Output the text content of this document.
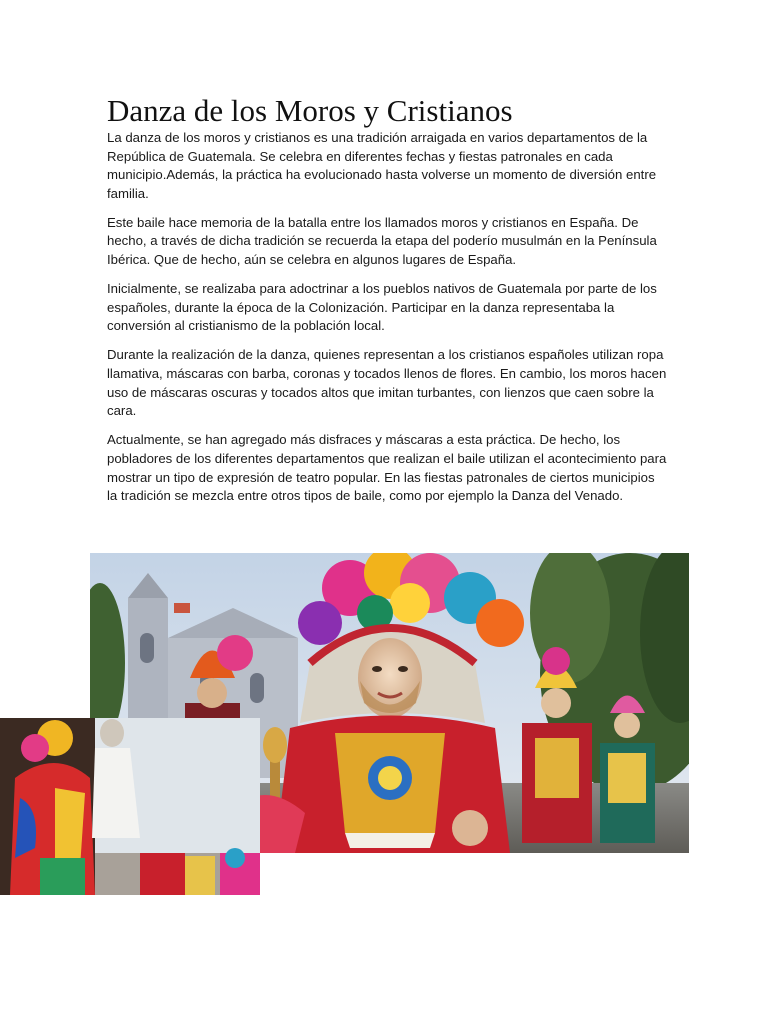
Danza de los Moros y Cristianos

La danza de los moros y cristianos es una tradición arraigada en varios departamentos de la República de Guatemala. Se celebra en diferentes fechas y fiestas patronales en cada municipio.Además, la práctica ha evolucionado hasta volverse un momento de diversión entre familia.

Este baile hace memoria de la batalla entre los llamados moros y cristianos en España. De hecho, a través de dicha tradición se recuerda la etapa del poderío musulmán en la Península Ibérica. Que de hecho, aún se celebra en algunos lugares de España.

Inicialmente, se realizaba para adoctrinar a los pueblos nativos de Guatemala por parte de los españoles, durante la época de la Colonización. Participar en la danza representaba la conversión al cristianismo de la población local.

Durante la realización de la danza, quienes representan a los cristianos españoles utilizan ropa llamativa, máscaras con barba, coronas y tocados llenos de flores. En cambio, los moros hacen uso de máscaras oscuras y tocados altos que imitan turbantes, con lienzos que caen sobre la cara.

Actualmente, se han agregado más disfraces y máscaras a esta práctica. De hecho, los pobladores de los diferentes departamentos que realizan el baile utilizan el acontecimiento para mostrar un tipo de expresión de teatro popular. En las fiestas patronales de ciertos municipios la tradición se mezcla entre otros tipos de baile, como por ejemplo la Danza del Venado.
